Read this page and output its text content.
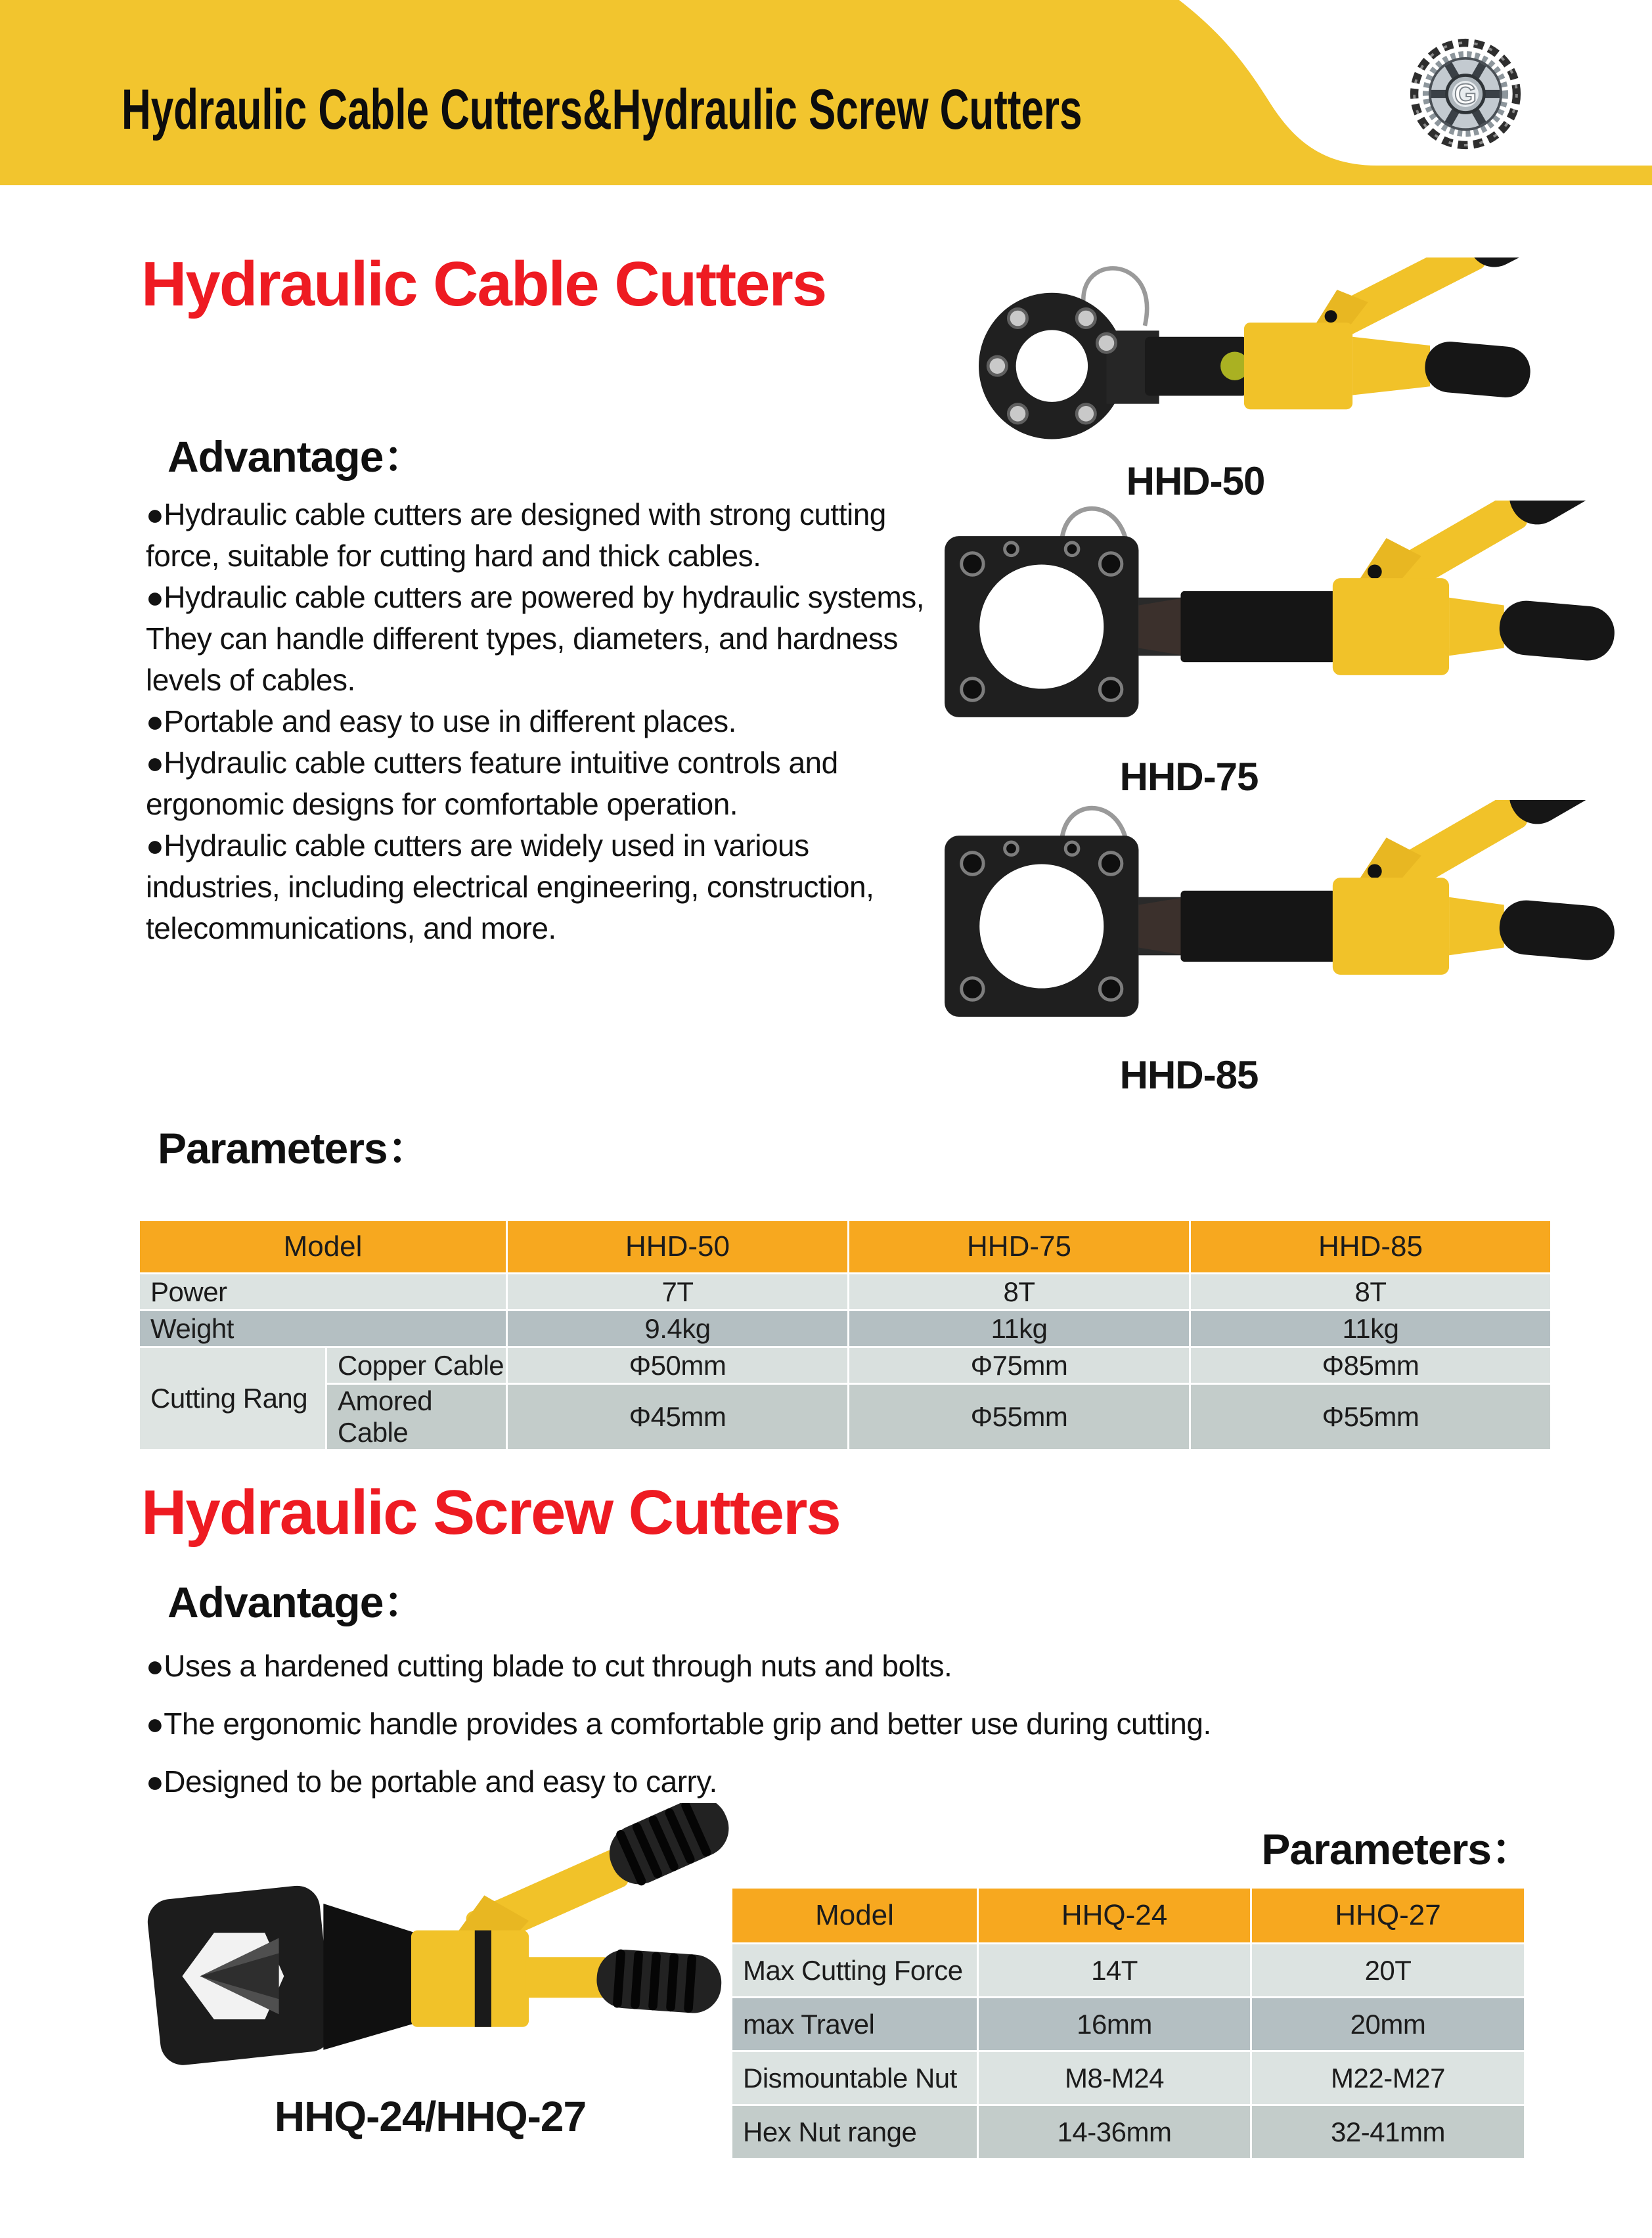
Hydraulic Cable Cutters&Hydraulic Screw Cutters	G
Hydraulic Cable Cutters
Advantage：

●Hydraulic cable cutters are designed with strong cutting force, suitable for cutting hard and thick cables.

●Hydraulic cable cutters are powered by hydraulic systems, They can handle different types, diameters, and hardness levels of cables.

●Portable and easy to use in different places.

●Hydraulic cable cutters feature intuitive controls and ergonomic designs for comfortable operation.

●Hydraulic cable cutters are widely used in various industries, including electrical engineering, construction, telecommunications, and more.

HHD-50
HHD-75
HHD-85
Parameters：
Model		HHD-50	HHD-75	HHD-85
Power		7T	8T	8T
Weight		9.4kg	11kg	11kg
Cutting Rang	Copper Cable	Φ50mm	Φ75mm	Φ85mm
	Amored Cable	Φ45mm	Φ55mm	Φ55mm
Hydraulic Screw Cutters
Advantage：

●Uses a hardened cutting blade to cut through nuts and bolts.

●The ergonomic handle provides a comfortable grip and better use during cutting.

●Designed to be portable and easy to carry.

Parameters：
HHQ-24/HHQ-27
Model	HHQ-24	HHQ-27
Max Cutting Force	14T	20T
max Travel	16mm	20mm
Dismountable Nut	M8-M24	M22-M27
Hex Nut range	14-36mm	32-41mm
